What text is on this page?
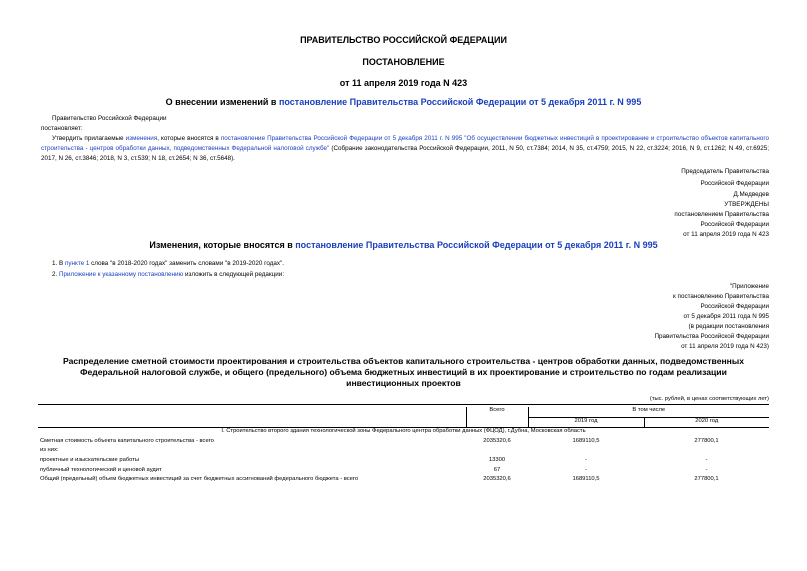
ПРАВИТЕЛЬСТВО РОССИЙСКОЙ ФЕДЕРАЦИИ
ПОСТАНОВЛЕНИЕ
от 11 апреля 2019 года N 423
О внесении изменений в постановление Правительства Российской Федерации от 5 декабря 2011 г. N 995
Правительство Российской Федерации
постановляет:
Утвердить прилагаемые изменения, которые вносятся в постановление Правительства Российской Федерации от 5 декабря 2011 г. N 995 "Об осуществлении бюджетных инвестиций в проектирование и строительство объектов капитального строительства - центров обработки данных, подведомственных Федеральной налоговой службе" (Собрание законодательства Российской Федерации, 2011, N 50, ст.7384; 2014, N 35, ст.4759; 2015, N 22, ст.3224; 2016, N 9, ст.1262; N 49, ст.6925; 2017, N 26, ст.3846; 2018, N 3, ст.539; N 18, ст.2654; N 36, ст.5648).
Председатель Правительства
Российской Федерации
Д.Медведев
УТВЕРЖДЕНЫ
постановлением Правительства
Российской Федерации
от 11 апреля 2019 года N 423
Изменения, которые вносятся в постановление Правительства Российской Федерации от 5 декабря 2011 г. N 995
1. В пункте 1 слова "в 2018-2020 годах" заменить словами "в 2019-2020 годах".
2. Приложение к указанному постановлению изложить в следующей редакции:
"Приложение
к постановлению Правительства
Российской Федерации
от 5 декабря 2011 года N 995
(в редакции постановления
Правительства Российской Федерации
от 11 апреля 2019 года N 423)
Распределение сметной стоимости проектирования и строительства объектов капитального строительства - центров обработки данных, подведомственных Федеральной налоговой службе, и общего (предельного) объема бюджетных инвестиций в их проектирование и строительство по годам реализации инвестиционных проектов
(тыс. рублей, в ценах соответствующих лет)
	Всего	В том числе	
		2019 год	2020 год
I. Строительство второго здания технологической зоны Федерального центра обработки данных (ФЦОД), г.Дубна, Московская область			
Сметная стоимость объекта капитального строительства - всего	2035320,6	1689110,5	277800,1
из них:			
проектные и изыскательские работы	13300	-	-
публичный технологический и ценовой аудит	67	-	-
Общий (предельный) объем бюджетных инвестиций за счет бюджетных ассигнований федерального бюджета - всего	2035320,6	1689110,5	277800,1
